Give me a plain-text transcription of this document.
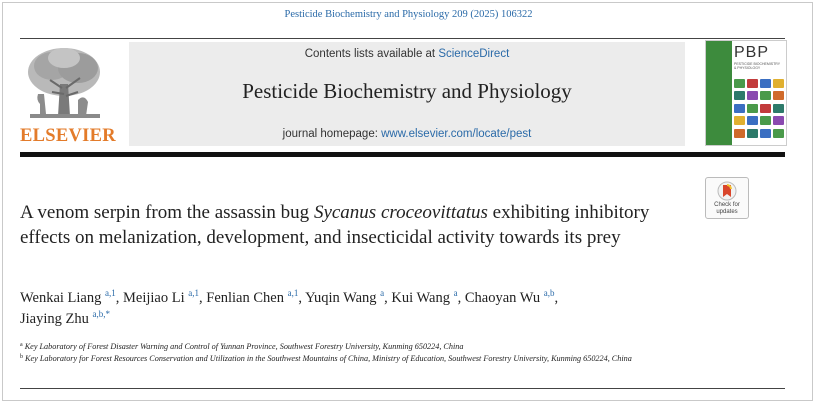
Pesticide Biochemistry and Physiology 209 (2025) 106322
ELSEVIER
Contents lists available at ScienceDirect
Pesticide Biochemistry and Physiology
journal homepage: www.elsevier.com/locate/pest
PBP
PESTICIDE BIOCHEMISTRY & PHYSIOLOGY
Check for updates
A venom serpin from the assassin bug Sycanus croceovittatus exhibiting inhibitory effects on melanization, development, and insecticidal activity towards its prey
Wenkai Liang $^{a,1}$, Meijiao Li $^{a,1}$, Fenlian Chen $^{a,1}$, Yuqin Wang $^a$, Kui Wang $^a$, Chaoyan Wu $^{a,b}$,
Jiaying Zhu $^{a,b,*}$
$^a$ Key Laboratory of Forest Disaster Warning and Control of Yunnan Province, Southwest Forestry University, Kunming 650224, China
$^b$ Key Laboratory for Forest Resources Conservation and Utilization in the Southwest Mountains of China, Ministry of Education, Southwest Forestry University, Kunming 650224, China
